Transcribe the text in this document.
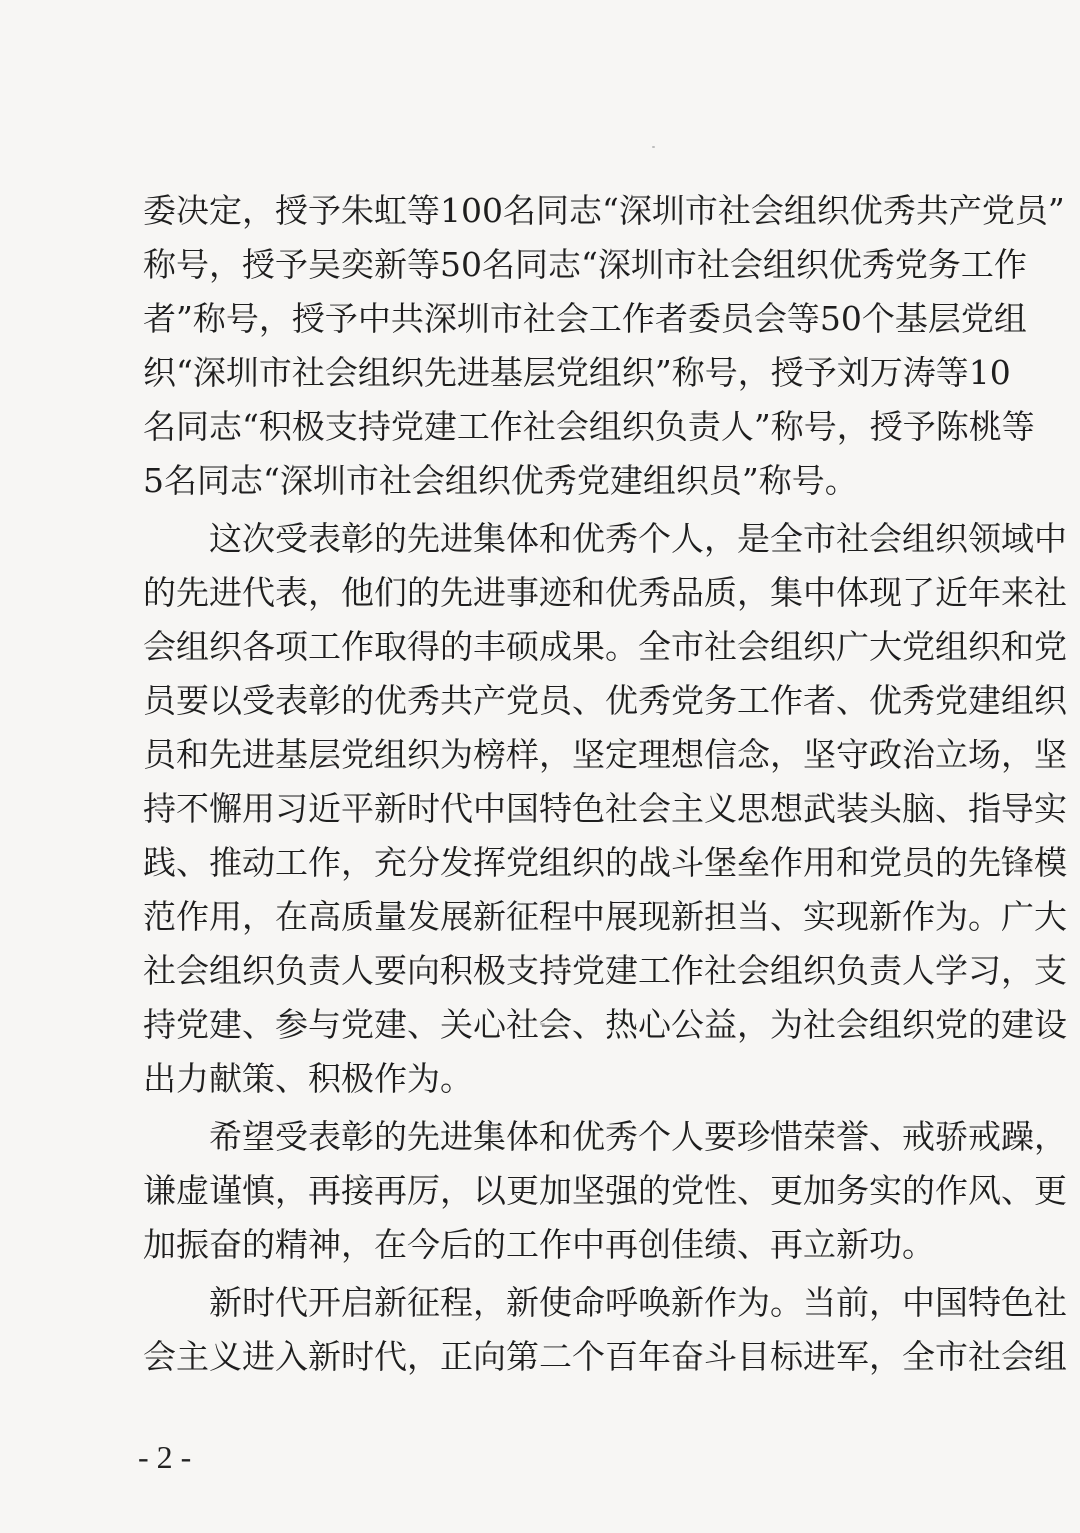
委决定，授予朱虹等100名同志“深圳市社会组织优秀共产党员”
称号，授予吴奕新等50名同志“深圳市社会组织优秀党务工作
者”称号，授予中共深圳市社会工作者委员会等50个基层党组
织“深圳市社会组织先进基层党组织”称号，授予刘万涛等10
名同志“积极支持党建工作社会组织负责人”称号，授予陈桃等
5名同志“深圳市社会组织优秀党建组织员”称号。
这次受表彰的先进集体和优秀个人，是全市社会组织领域中
的先进代表，他们的先进事迹和优秀品质，集中体现了近年来社
会组织各项工作取得的丰硕成果。全市社会组织广大党组织和党
员要以受表彰的优秀共产党员、优秀党务工作者、优秀党建组织
员和先进基层党组织为榜样，坚定理想信念，坚守政治立场，坚
持不懈用习近平新时代中国特色社会主义思想武装头脑、指导实
践、推动工作，充分发挥党组织的战斗堡垒作用和党员的先锋模
范作用，在高质量发展新征程中展现新担当、实现新作为。广大
社会组织负责人要向积极支持党建工作社会组织负责人学习，支
持党建、参与党建、关心社会、热心公益，为社会组织党的建设
出力献策、积极作为。
希望受表彰的先进集体和优秀个人要珍惜荣誉、戒骄戒躁，
谦虚谨慎，再接再厉，以更加坚强的党性、更加务实的作风、更
加振奋的精神，在今后的工作中再创佳绩、再立新功。
新时代开启新征程，新使命呼唤新作为。当前，中国特色社
会主义进入新时代，正向第二个百年奋斗目标进军，全市社会组
- 2 -
